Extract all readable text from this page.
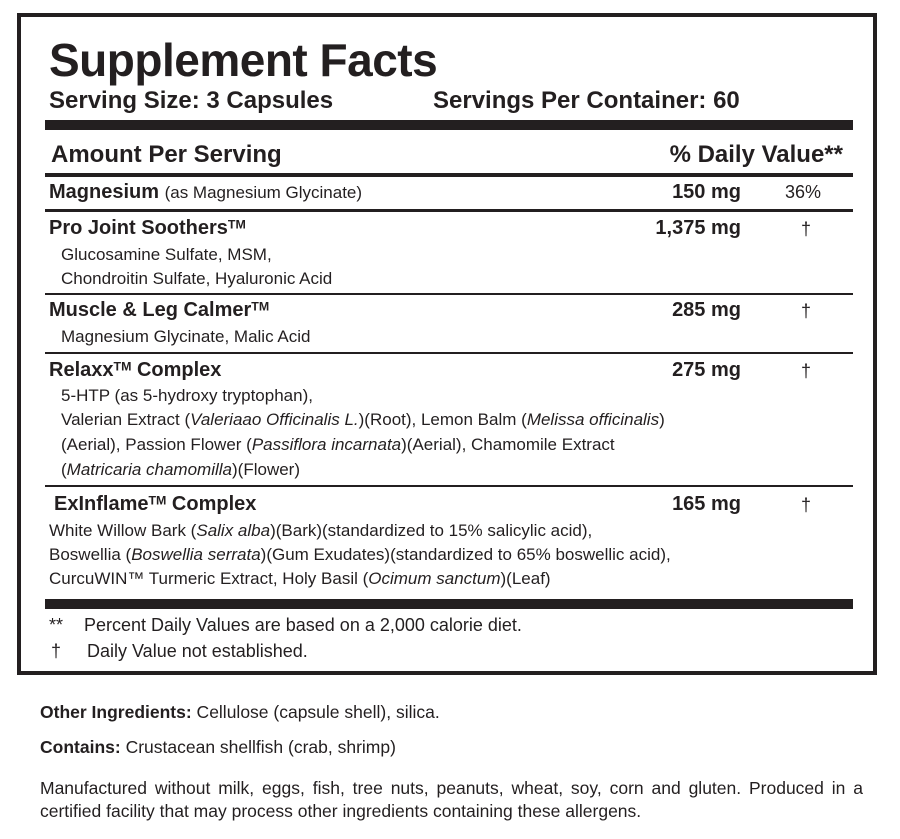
Supplement Facts
Serving Size: 3 Capsules	Servings Per Container: 60
Amount Per Serving	% Daily Value**
Magnesium (as Magnesium Glycinate)	150 mg 36%
Pro Joint Soothers™	1,375 mg	†
Glucosamine Sulfate, MSM,
Chondroitin Sulfate, Hyaluronic Acid
Muscle & Leg Calmer™	285 mg	†
Magnesium Glycinate, Malic Acid
Relaxx™ Complex	275 mg	†
5-HTP (as 5-hydroxy tryptophan),
Valerian Extract (Valeriaao Officinalis L.)(Root), Lemon Balm (Melissa officinalis)
(Aerial), Passion Flower (Passiflora incarnata)(Aerial), Chamomile Extract
(Matricaria chamomilla)(Flower)
ExInflame™ Complex	165 mg	†
White Willow Bark (Salix alba)(Bark)(standardized to 15% salicylic acid),
Boswellia (Boswellia serrata)(Gum Exudates)(standardized to 65% boswellic acid),
CurcuWIN™ Turmeric Extract, Holy Basil (Ocimum sanctum)(Leaf)
** Percent Daily Values are based on a 2,000 calorie diet.
† Daily Value not established.
Other Ingredients: Cellulose (capsule shell), silica.
Contains: Crustacean shellfish (crab, shrimp)
Manufactured without milk, eggs, fish, tree nuts, peanuts, wheat, soy, corn and gluten. Produced in a certified facility that may process other ingredients containing these allergens.
